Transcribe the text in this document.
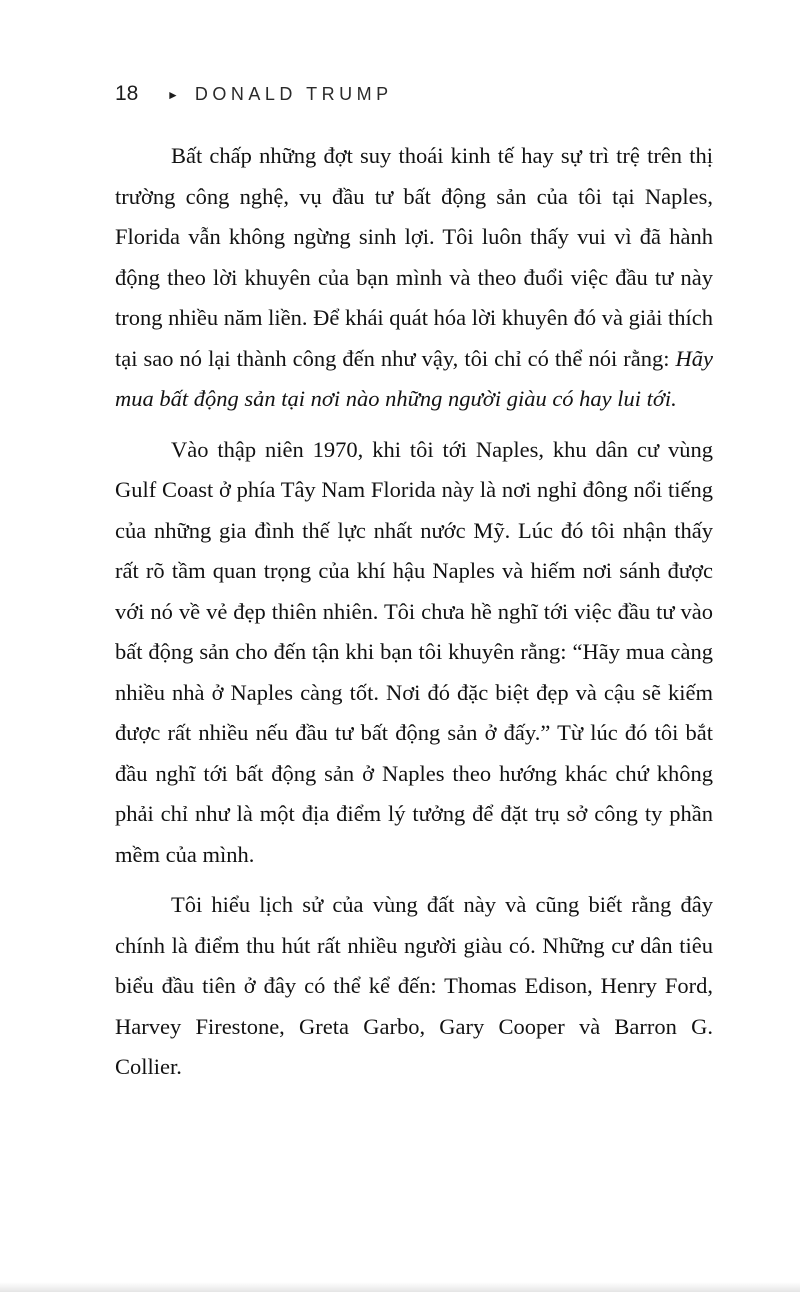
18	► DONALD TRUMP

Bất chấp những đợt suy thoái kinh tế hay sự trì trệ trên thị trường công nghệ, vụ đầu tư bất động sản của tôi tại Naples, Florida vẫn không ngừng sinh lợi. Tôi luôn thấy vui vì đã hành động theo lời khuyên của bạn mình và theo đuổi việc đầu tư này trong nhiều năm liền. Để khái quát hóa lời khuyên đó và giải thích tại sao nó lại thành công đến như vậy, tôi chỉ có thể nói rằng: Hãy mua bất động sản tại nơi nào những người giàu có hay lui tới.

Vào thập niên 1970, khi tôi tới Naples, khu dân cư vùng Gulf Coast ở phía Tây Nam Florida này là nơi nghỉ đông nổi tiếng của những gia đình thế lực nhất nước Mỹ. Lúc đó tôi nhận thấy rất rõ tầm quan trọng của khí hậu Naples và hiếm nơi sánh được với nó về vẻ đẹp thiên nhiên. Tôi chưa hề nghĩ tới việc đầu tư vào bất động sản cho đến tận khi bạn tôi khuyên rằng: “Hãy mua càng nhiều nhà ở Naples càng tốt. Nơi đó đặc biệt đẹp và cậu sẽ kiếm được rất nhiều nếu đầu tư bất động sản ở đấy.” Từ lúc đó tôi bắt đầu nghĩ tới bất động sản ở Naples theo hướng khác chứ không phải chỉ như là một địa điểm lý tưởng để đặt trụ sở công ty phần mềm của mình.

Tôi hiểu lịch sử của vùng đất này và cũng biết rằng đây chính là điểm thu hút rất nhiều người giàu có. Những cư dân tiêu biểu đầu tiên ở đây có thể kể đến: Thomas Edison, Henry Ford, Harvey Firestone, Greta Garbo, Gary Cooper và Barron G. Collier.
